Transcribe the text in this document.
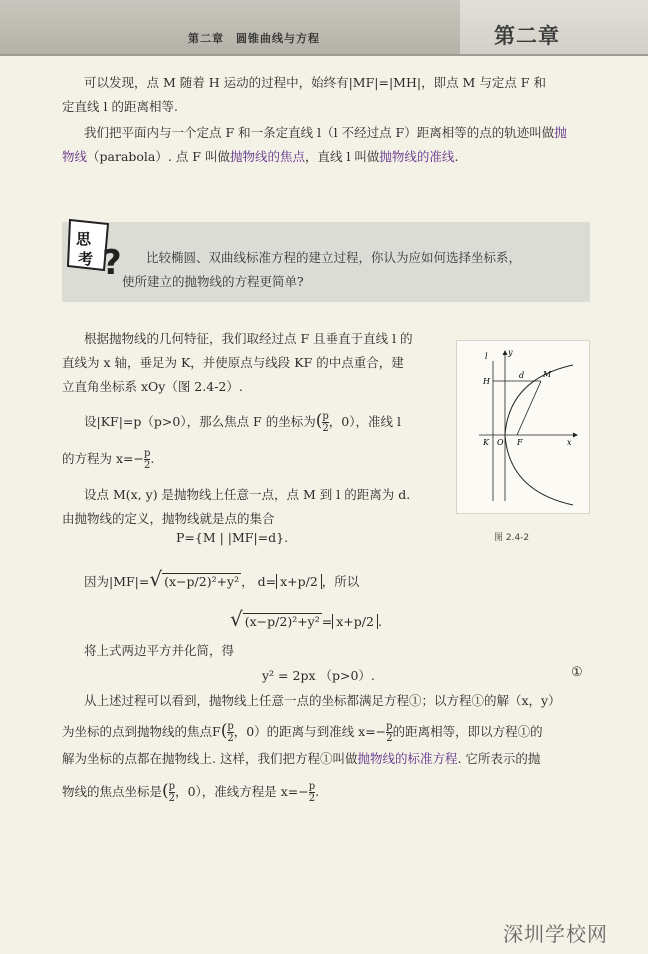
第二章　圆锥曲线与方程	第二章
可以发现，点 M 随着 H 运动的过程中，始终有|MF|=|MH|，即点 M 与定点 F 和
定直线 l 的距离相等.
我们把平面内与一个定点 F 和一条定直线 l（l 不经过点 F）距离相等的点的轨迹叫做抛
物线（parabola）. 点 F 叫做抛物线的焦点，直线 l 叫做抛物线的准线.
思
考 ? 比较椭圆、双曲线标准方程的建立过程，你认为应如何选择坐标系，
使所建立的抛物线的方程更简单?
根据抛物线的几何特征，我们取经过点 F 且垂直于直线 l 的
直线为 x 轴，垂足为 K，并使原点与线段 KF 的中点重合，建
立直角坐标系 xOy（图 2.4-2）.
设|KF|=p（p>0），那么焦点 F 的坐标为( $\frac{p}{2}$ ，0），准线 l
的方程为 $x=- \frac{p}{2}$ .
设点 M(x, y) 是抛物线上任意一点，点 M 到 l 的距离为 d.
由抛物线的定义，抛物线就是点的集合
P={M | |MF|=d}.
因为|MF|=√ (x−p/2)²+y² ， d= x+p/2 ，所以
√ (x−p/2)²+y² = x+p/2 .
将上式两边平方并化简，得
y² = 2px （p>0）.	①
从上述过程可以看到，抛物线上任意一点的坐标都满足方程①；以方程①的解（x，y）
为坐标的点到抛物线的焦点$F( \frac{p}{2}$ ，0）的距离与到准线 $x=- \frac{p}{2}$ 的距离相等，即以方程①的
解为坐标的点都在抛物线上. 这样，我们把方程①叫做抛物线的标准方程. 它所表示的抛
物线的焦点坐标是( $\frac{p}{2}$ ，0），准线方程是 $x=- \frac{p}{2}$ .
l	y
H
d M
K O F	x
图 2.4-2
深圳学校网
